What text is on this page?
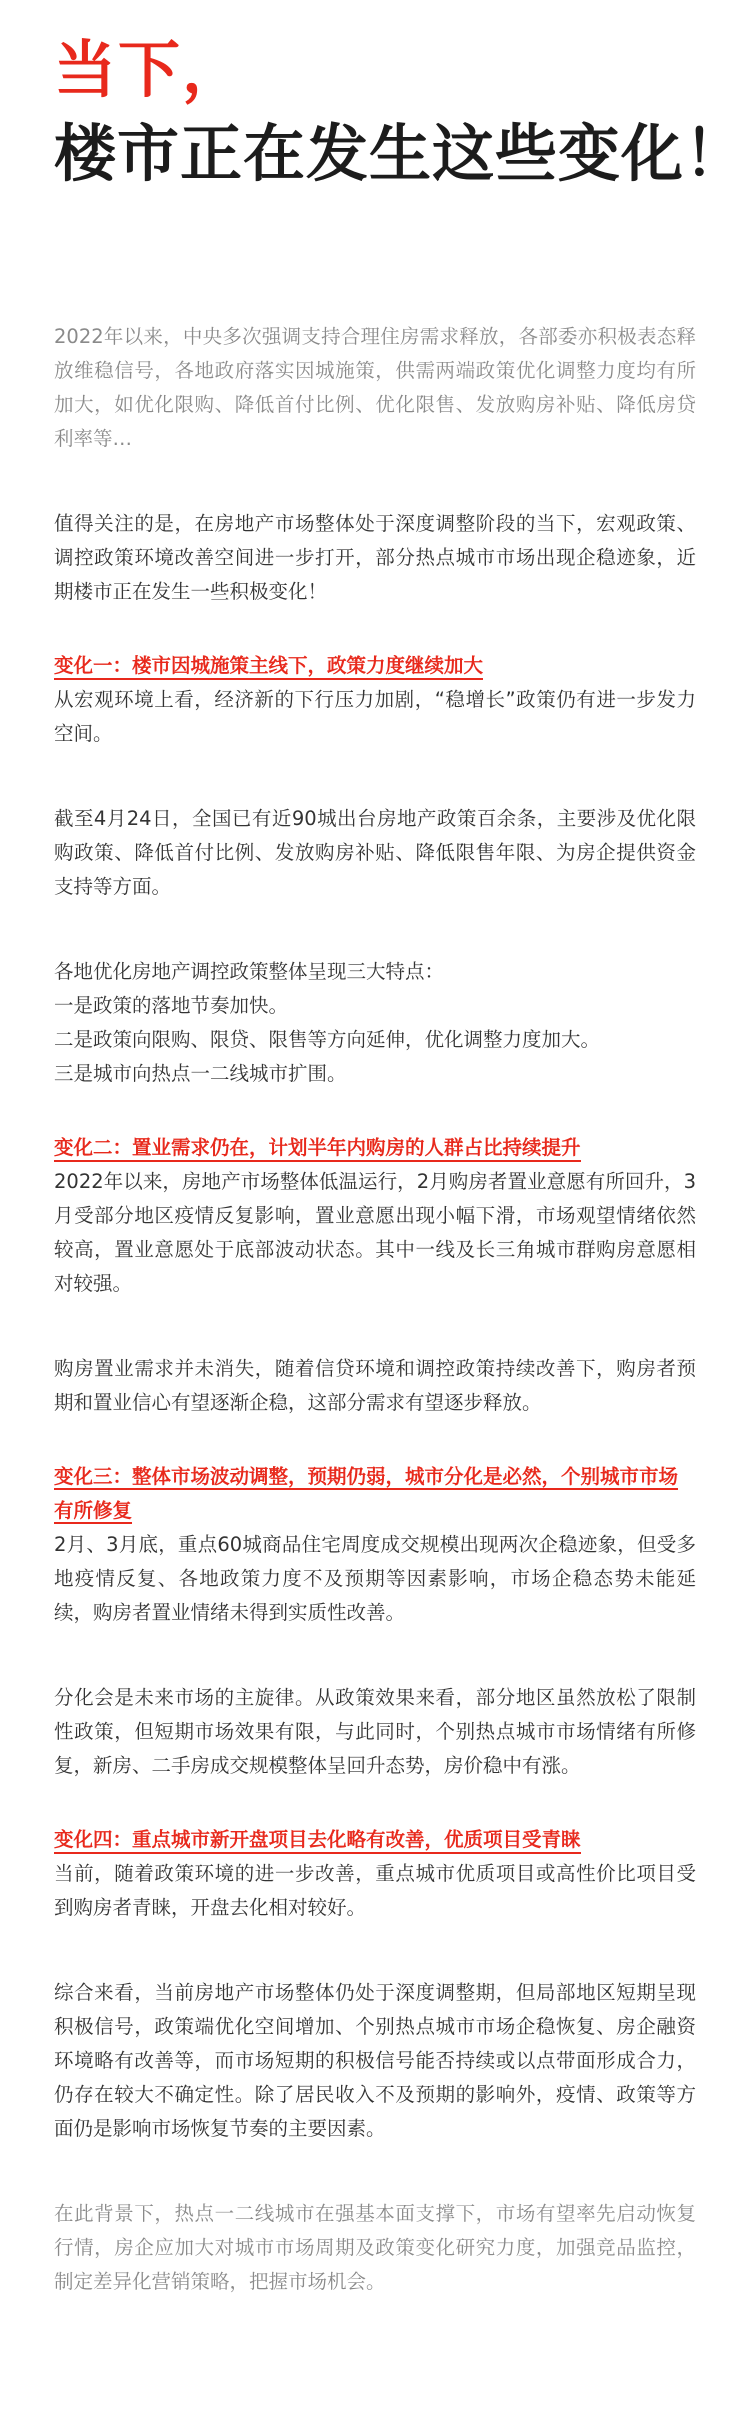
当下，
楼市正在发生这些变化！

2022年以来，中央多次强调支持合理住房需求释放，各部委亦积极表态释放维稳信号，各地政府落实因城施策，供需两端政策优化调整力度均有所加大，如优化限购、降低首付比例、优化限售、发放购房补贴、降低房贷利率等…

值得关注的是，在房地产市场整体处于深度调整阶段的当下，宏观政策、调控政策环境改善空间进一步打开，部分热点城市市场出现企稳迹象，近期楼市正在发生一些积极变化！

变化一：楼市因城施策主线下，政策力度继续加大

从宏观环境上看，经济新的下行压力加剧，“稳增长”政策仍有进一步发力空间。

截至4月24日，全国已有近90城出台房地产政策百余条，主要涉及优化限购政策、降低首付比例、发放购房补贴、降低限售年限、为房企提供资金支持等方面。

各地优化房地产调控政策整体呈现三大特点：
一是政策的落地节奏加快。
二是政策向限购、限贷、限售等方向延伸，优化调整力度加大。
三是城市向热点一二线城市扩围。
变化二：置业需求仍在，计划半年内购房的人群占比持续提升

2022年以来，房地产市场整体低温运行，2月购房者置业意愿有所回升，3月受部分地区疫情反复影响，置业意愿出现小幅下滑，市场观望情绪依然较高，置业意愿处于底部波动状态。其中一线及长三角城市群购房意愿相对较强。

购房置业需求并未消失，随着信贷环境和调控政策持续改善下，购房者预期和置业信心有望逐渐企稳，这部分需求有望逐步释放。

变化三：整体市场波动调整，预期仍弱，城市分化是必然，个别城市市场有所修复

2月、3月底，重点60城商品住宅周度成交规模出现两次企稳迹象，但受多地疫情反复、各地政策力度不及预期等因素影响，市场企稳态势未能延续，购房者置业情绪未得到实质性改善。

分化会是未来市场的主旋律。从政策效果来看，部分地区虽然放松了限制性政策，但短期市场效果有限，与此同时，个别热点城市市场情绪有所修复，新房、二手房成交规模整体呈回升态势，房价稳中有涨。

变化四：重点城市新开盘项目去化略有改善，优质项目受青睐

当前，随着政策环境的进一步改善，重点城市优质项目或高性价比项目受到购房者青睐，开盘去化相对较好。

综合来看，当前房地产市场整体仍处于深度调整期，但局部地区短期呈现积极信号，政策端优化空间增加、个别热点城市市场企稳恢复、房企融资环境略有改善等，而市场短期的积极信号能否持续或以点带面形成合力，仍存在较大不确定性。除了居民收入不及预期的影响外，疫情、政策等方面仍是影响市场恢复节奏的主要因素。

在此背景下，热点一二线城市在强基本面支撑下，市场有望率先启动恢复行情，房企应加大对城市市场周期及政策变化研究力度，加强竞品监控，制定差异化营销策略，把握市场机会。
